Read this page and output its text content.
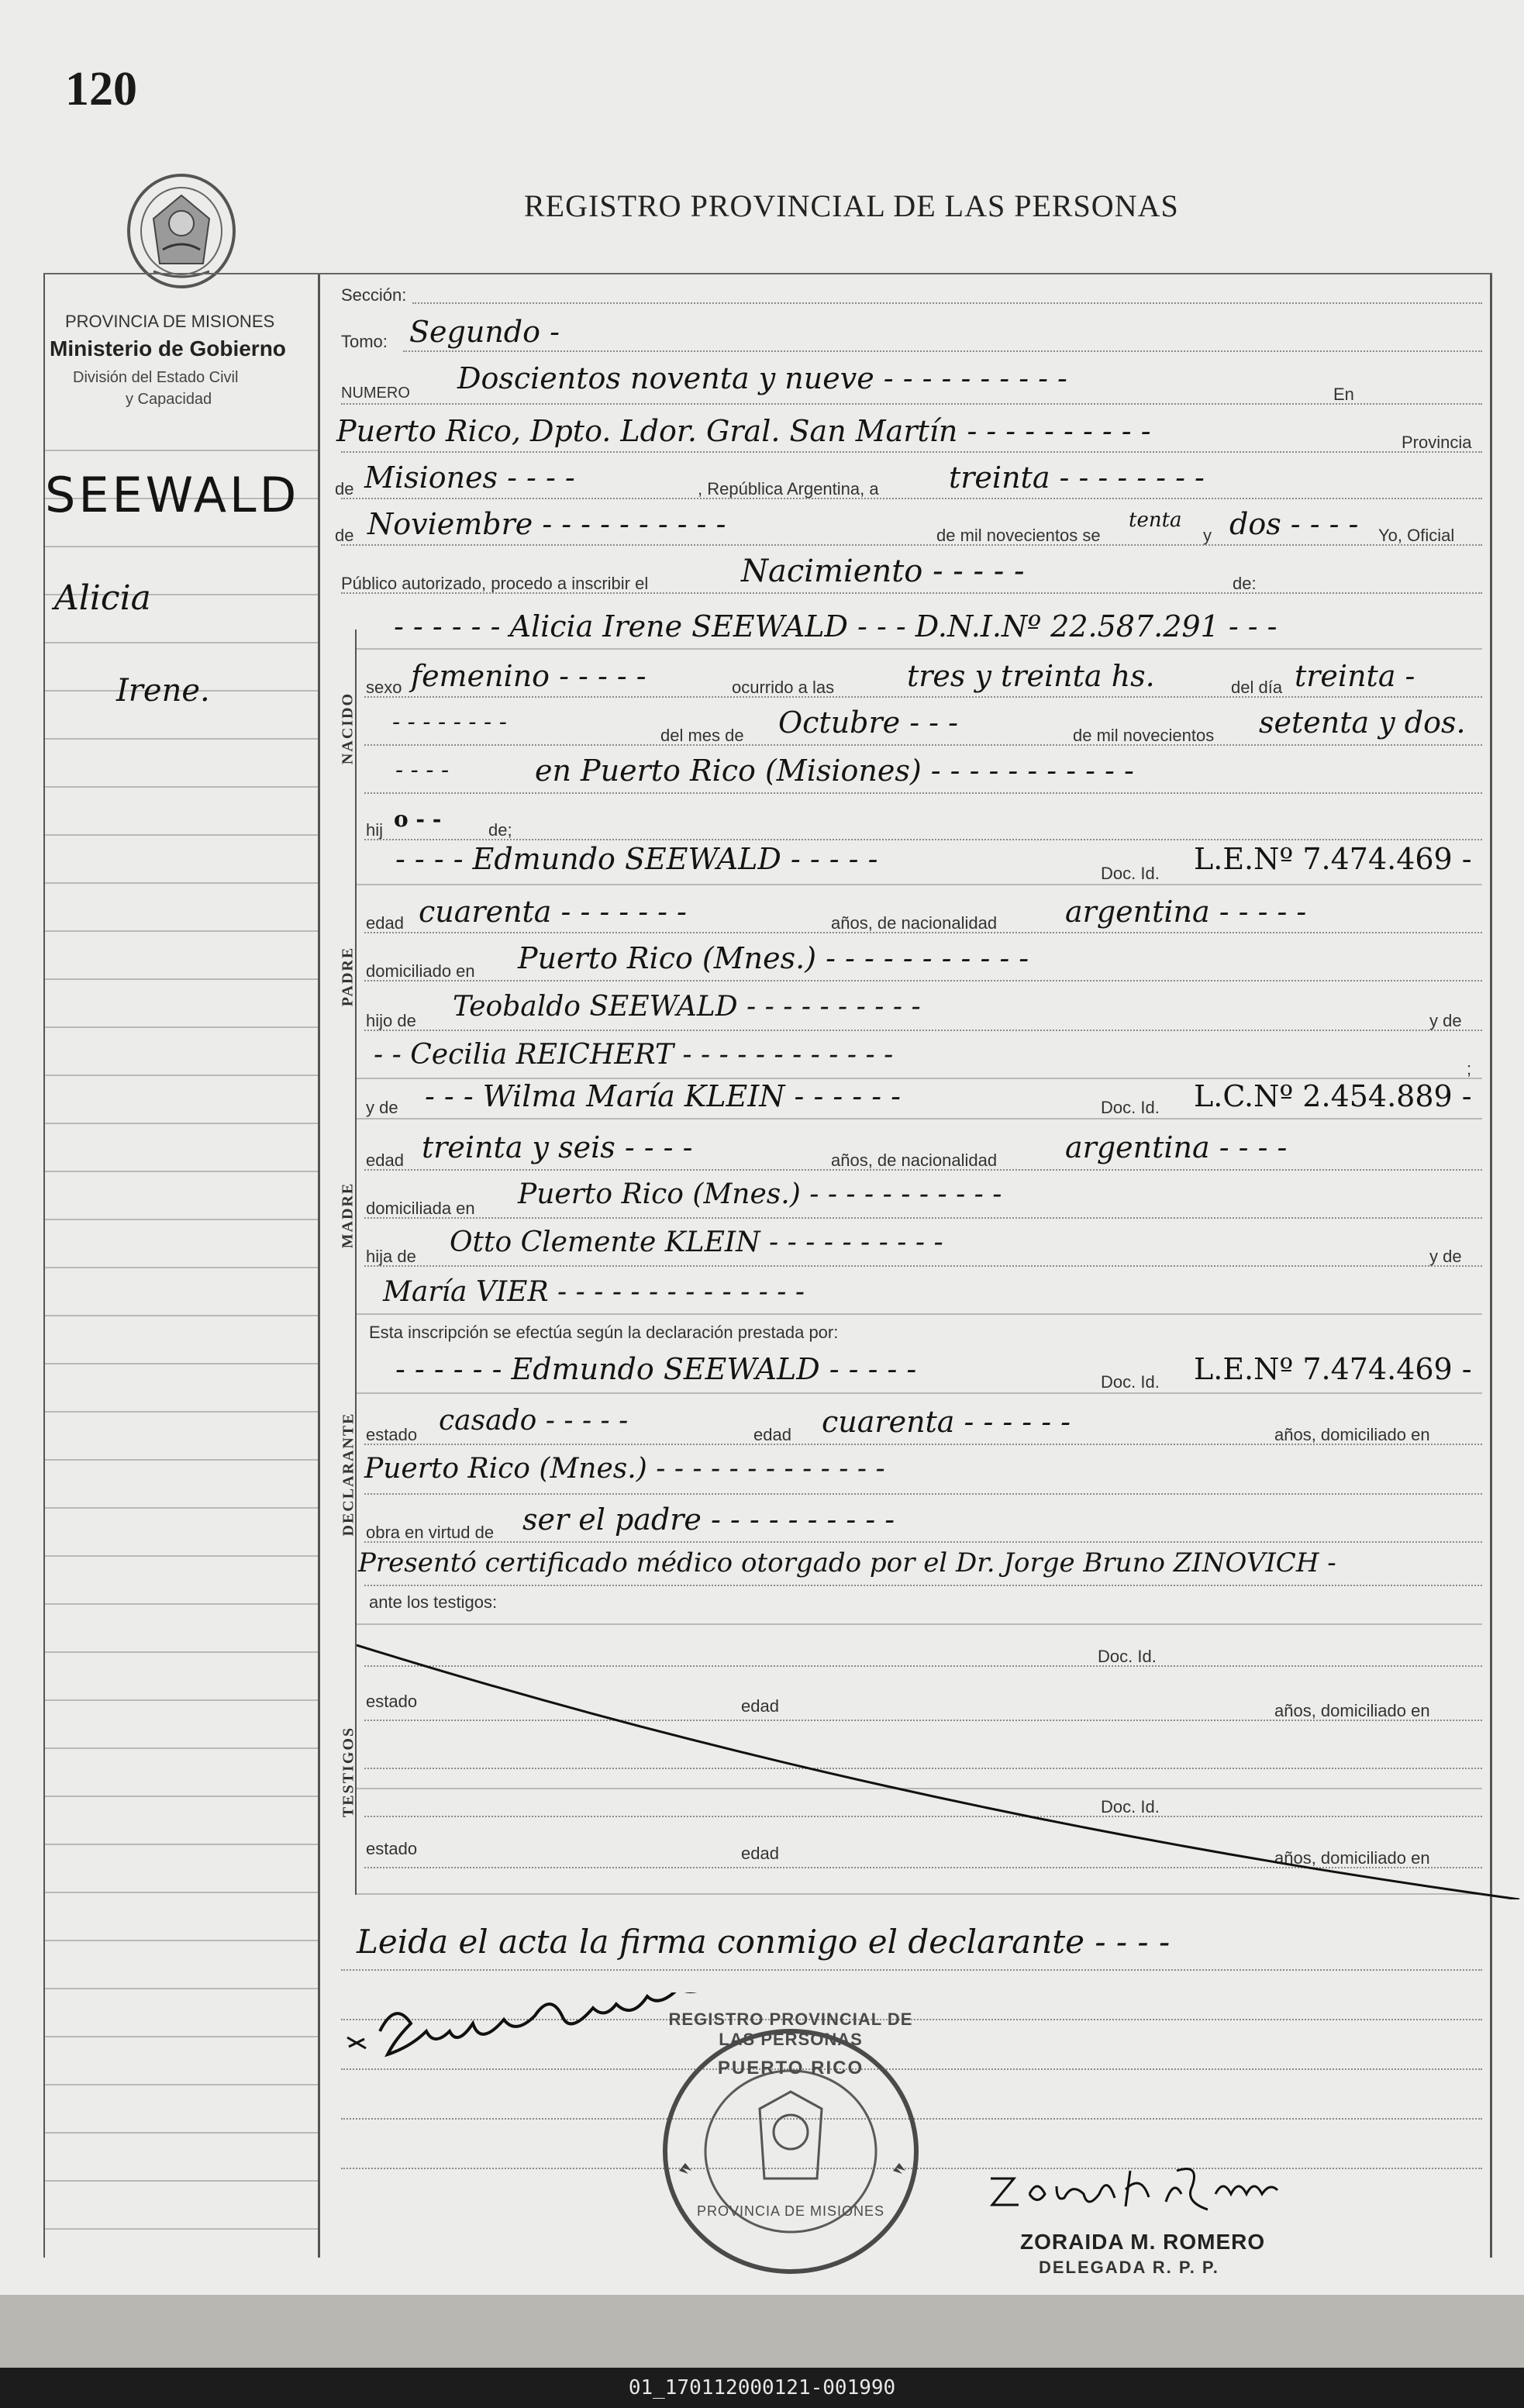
120
REGISTRO PROVINCIAL DE LAS PERSONAS
PROVINCIA DE MISIONES
Ministerio de Gobierno
División del Estado Civil
y Capacidad
SEEWALD
Alicia
Irene.
Sección:
Tomo: Segundo -
NUMERO Doscientos noventa y nueve - - - - - - - - - -	En
Puerto Rico, Dpto. Ldor. Gral. San Martín - - - - - - - - - -	Provincia
de Misiones - - - -	, República Argentina, a treinta - - - - - - - -
de Noviembre - - - - - - - - - -	de mil novecientos se
tenta
y dos - - - - Yo, Oficial
Público autorizado, procedo a inscribir el	Nacimiento - - - - -	de:
NACIDO
- - - - - - Alicia Irene SEEWALD - - - D.N.I.Nº 22.587.291 - - -
sexo femenino - - - - -	ocurrido a las tres y treinta hs.	del día treinta -
- - - - - - - -	del mes de Octubre - - -	de mil novecientos setenta y dos.
- - - -	en Puerto Rico (Misiones) - - - - - - - - - - -
hij o - -	de;
- - - - Edmundo SEEWALD - - - - -	Doc. Id. L.E.Nº 7.474.469 -
PADRE
edad cuarenta - - - - - - -	años, de nacionalidad argentina - - - - -
domiciliado en Puerto Rico (Mnes.) - - - - - - - - - - -
hijo de Teobaldo SEEWALD - - - - - - - - - -	y de
- - Cecilia REICHERT - - - - - - - - - - - -	;
y de - - - Wilma María KLEIN - - - - - -	Doc. Id. L.C.Nº 2.454.889 -
MADRE
edad treinta y seis - - - -	años, de nacionalidad argentina - - - -
domiciliada en Puerto Rico (Mnes.) - - - - - - - - - - -
hija de Otto Clemente KLEIN - - - - - - - - - -	y de
María VIER - - - - - - - - - - - - - -
Esta inscripción se efectúa según la declaración prestada por:
- - - - - - Edmundo SEEWALD - - - - -	Doc. Id. L.E.Nº 7.474.469 -
DECLARANTE estado casado - - - - -	edad cuarenta - - - - - -	años, domiciliado en
Puerto Rico (Mnes.) - - - - - - - - - - - - -
obra en virtud de ser el padre - - - - - - - - - -
Presentó certificado médico otorgado por el Dr. Jorge Bruno ZINOVICH -
ante los testigos:
TESTIGOS
Doc. Id.
estado	edad	años, domiciliado en
Doc. Id.
estado	edad	años, domiciliado en
Leida el acta la firma conmigo el declarante - - - -
REGISTRO PROVINCIAL DE LAS PERSONAS
PUERTO RICO
PROVINCIA DE MISIONES
ZORAIDA M. ROMERO
DELEGADA R. P. P.
01_170112000121-001990
